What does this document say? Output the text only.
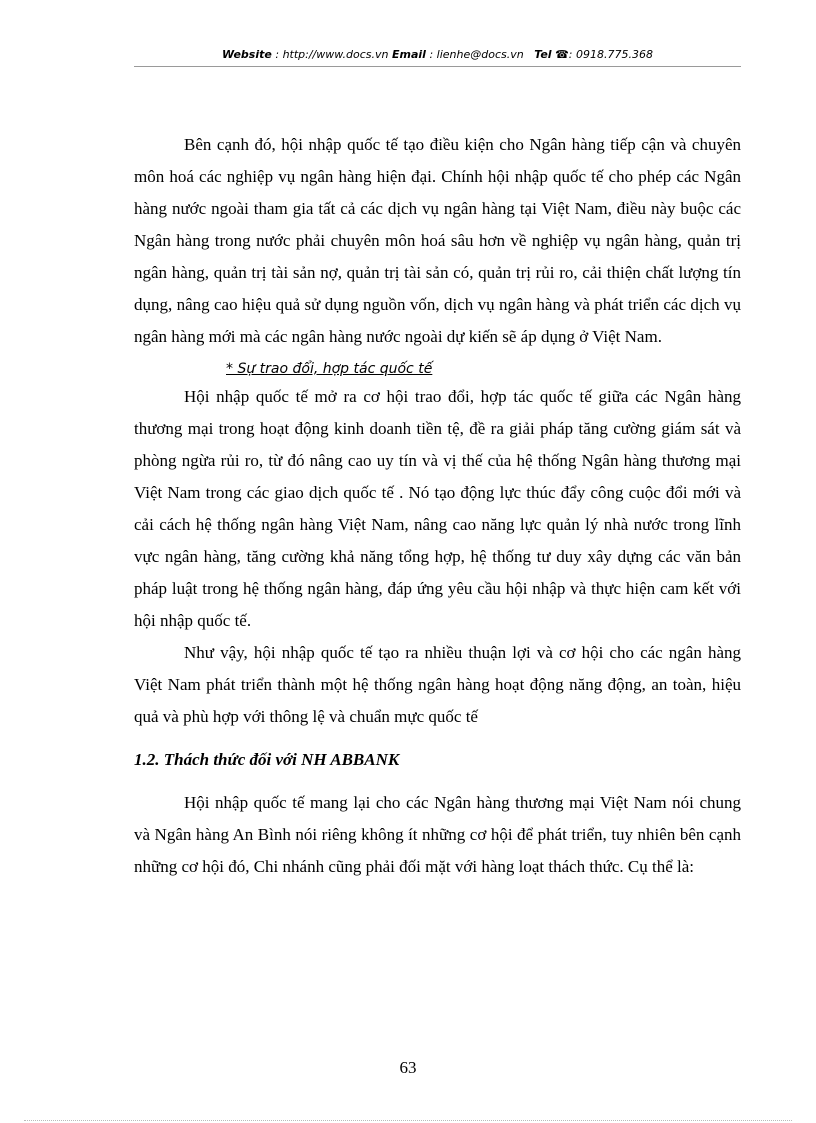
Website : http://www.docs.vn Email : lienhe@docs.vn Tel ☎: 0918.775.368

Bên cạnh đó, hội nhập quốc tế tạo điều kiện cho Ngân hàng tiếp cận và chuyên môn hoá các nghiệp vụ ngân hàng hiện đại. Chính hội nhập quốc tế cho phép các Ngân hàng nước ngoài tham gia tất cả các dịch vụ ngân hàng tại Việt Nam, điều này buộc các Ngân hàng trong nước phải chuyên môn hoá sâu hơn về nghiệp vụ ngân hàng, quản trị ngân hàng, quản trị tài sản nợ, quản trị tài sản có, quản trị rủi ro, cải thiện chất lượng tín dụng, nâng cao hiệu quả sử dụng nguồn vốn, dịch vụ ngân hàng và phát triển các dịch vụ ngân hàng mới mà các ngân hàng nước ngoài dự kiến sẽ áp dụng ở Việt Nam.

* Sự trao đổi, hợp tác quốc tế

Hội nhập quốc tế mở ra cơ hội trao đổi, hợp tác quốc tế giữa các Ngân hàng thương mại trong hoạt động kinh doanh tiền tệ, đề ra giải pháp tăng cường giám sát và phòng ngừa rủi ro, từ đó nâng cao uy tín và vị thế của hệ thống Ngân hàng thương mại Việt Nam trong các giao dịch quốc tế . Nó tạo động lực thúc đẩy công cuộc đổi mới và cải cách hệ thống ngân hàng Việt Nam, nâng cao năng lực quản lý nhà nước trong lĩnh vực ngân hàng, tăng cường khả năng tổng hợp, hệ thống tư duy xây dựng các văn bản pháp luật trong hệ thống ngân hàng, đáp ứng yêu cầu hội nhập và thực hiện cam kết với hội nhập quốc tế.

Như vậy, hội nhập quốc tế tạo ra nhiều thuận lợi và cơ hội cho các ngân hàng Việt Nam phát triển thành một hệ thống ngân hàng hoạt động năng động, an toàn, hiệu quả và phù hợp với thông lệ và chuẩn mực quốc tế

1.2. Thách thức đối với NH ABBANK

Hội nhập quốc tế mang lại cho các Ngân hàng thương mại Việt Nam nói chung và Ngân hàng An Bình nói riêng không ít những cơ hội để phát triển, tuy nhiên bên cạnh những cơ hội đó, Chi nhánh cũng phải đối mặt với hàng loạt thách thức. Cụ thể là:

63
